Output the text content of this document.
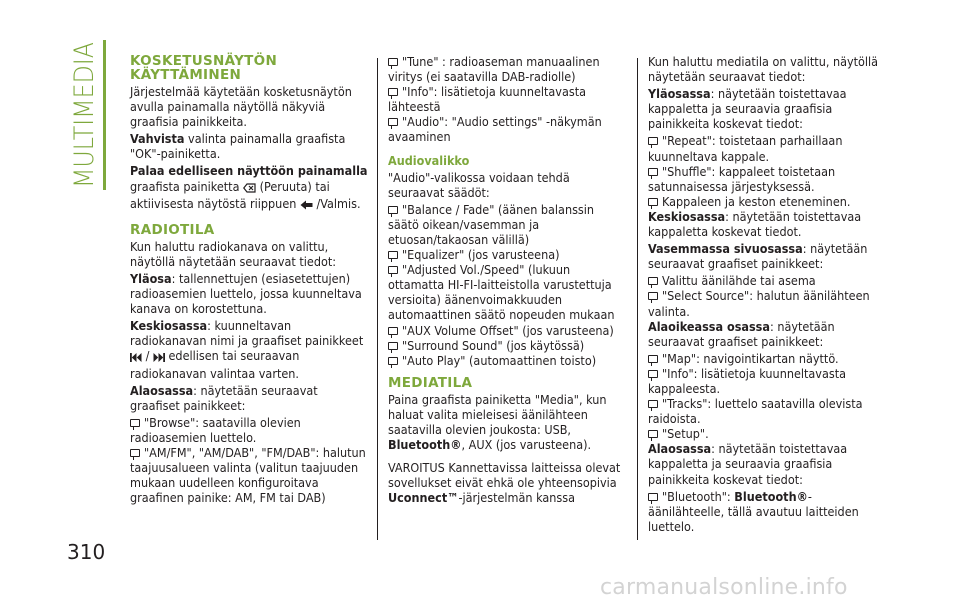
MULTIMEDIA
310
KOSKETUSNÄYTÖN KÄYTTÄMINEN

Järjestelmää käytetään kosketusnäytön avulla painamalla näytöllä näkyviä graafisia painikkeita.

Vahvista valinta painamalla graafista "OK"-painiketta.

Palaa edelliseen näyttöön painamalla graafista painiketta  (Peruuta) tai aktiivisesta näytöstä riippuen  /Valmis.

RADIOTILA

Kun haluttu radiokanava on valittu, näytöllä näytetään seuraavat tiedot:

Yläosa: tallennettujen (esiasetettujen) radioasemien luettelo, jossa kuunneltava kanava on korostettuna.

Keskiosassa: kuunneltavan radiokanavan nimi ja graafiset painikkeet  /  edellisen tai seuraavan radiokanavan valintaa varten.

Alaosassa: näytetään seuraavat graafiset painikkeet:

"Browse": saatavilla olevien radioasemien luettelo.
"AM/FM", "AM/DAB", "FM/DAB": halutun taajuusalueen valinta (valitun taajuuden mukaan uudelleen konfiguroitava graafinen painike: AM, FM tai DAB)
"Tune" : radioaseman manuaalinen viritys (ei saatavilla DAB-radiolle)
"Info": lisätietoja kuunneltavasta lähteestä
"Audio": "Audio settings" -näkymän avaaminen
Audiovalikko

"Audio"-valikossa voidaan tehdä seuraavat säädöt:

"Balance / Fade" (äänen balanssin säätö oikean/vasemman ja etuosan/takaosan välillä)
"Equalizer" (jos varusteena)
"Adjusted Vol./Speed" (lukuun ottamatta HI-FI-laitteistolla varustettuja versioita) äänenvoimakkuuden automaattinen säätö nopeuden mukaan
"AUX Volume Offset" (jos varusteena)
"Surround Sound" (jos käytössä)
"Auto Play" (automaattinen toisto)
MEDIATILA

Paina graafista painiketta "Media", kun haluat valita mieleisesi äänilähteen saatavilla olevien joukosta: USB, Bluetooth®, AUX (jos varusteena).

VAROITUS Kannettavissa laitteissa olevat sovellukset eivät ehkä ole yhteensopivia Uconnect™-järjestelmän kanssa

Kun haluttu mediatila on valittu, näytöllä näytetään seuraavat tiedot:

Yläosassa: näytetään toistettavaa kappaletta ja seuraavia graafisia painikkeita koskevat tiedot:

"Repeat": toistetaan parhaillaan kuunneltava kappale.
"Shuffle": kappaleet toistetaan satunnaisessa järjestyksessä.
Kappaleen ja keston eteneminen.

Keskiosassa: näytetään toistettavaa kappaletta koskevat tiedot.

Vasemmassa sivuosassa: näytetään seuraavat graafiset painikkeet:

Valittu äänilähde tai asema
"Select Source": halutun äänilähteen valinta.

Alaoikeassa osassa: näytetään seuraavat graafiset painikkeet:

"Map": navigointikartan näyttö.
"Info": lisätietoja kuunneltavasta kappaleesta.
"Tracks": luettelo saatavilla olevista raidoista.
"Setup".

Alaosassa: näytetään toistettavaa kappaletta ja seuraavia graafisia painikkeita koskevat tiedot:

"Bluetooth": Bluetooth®-äänilähteelle, tällä avautuu laitteiden luettelo.
carmanualsonline.info
